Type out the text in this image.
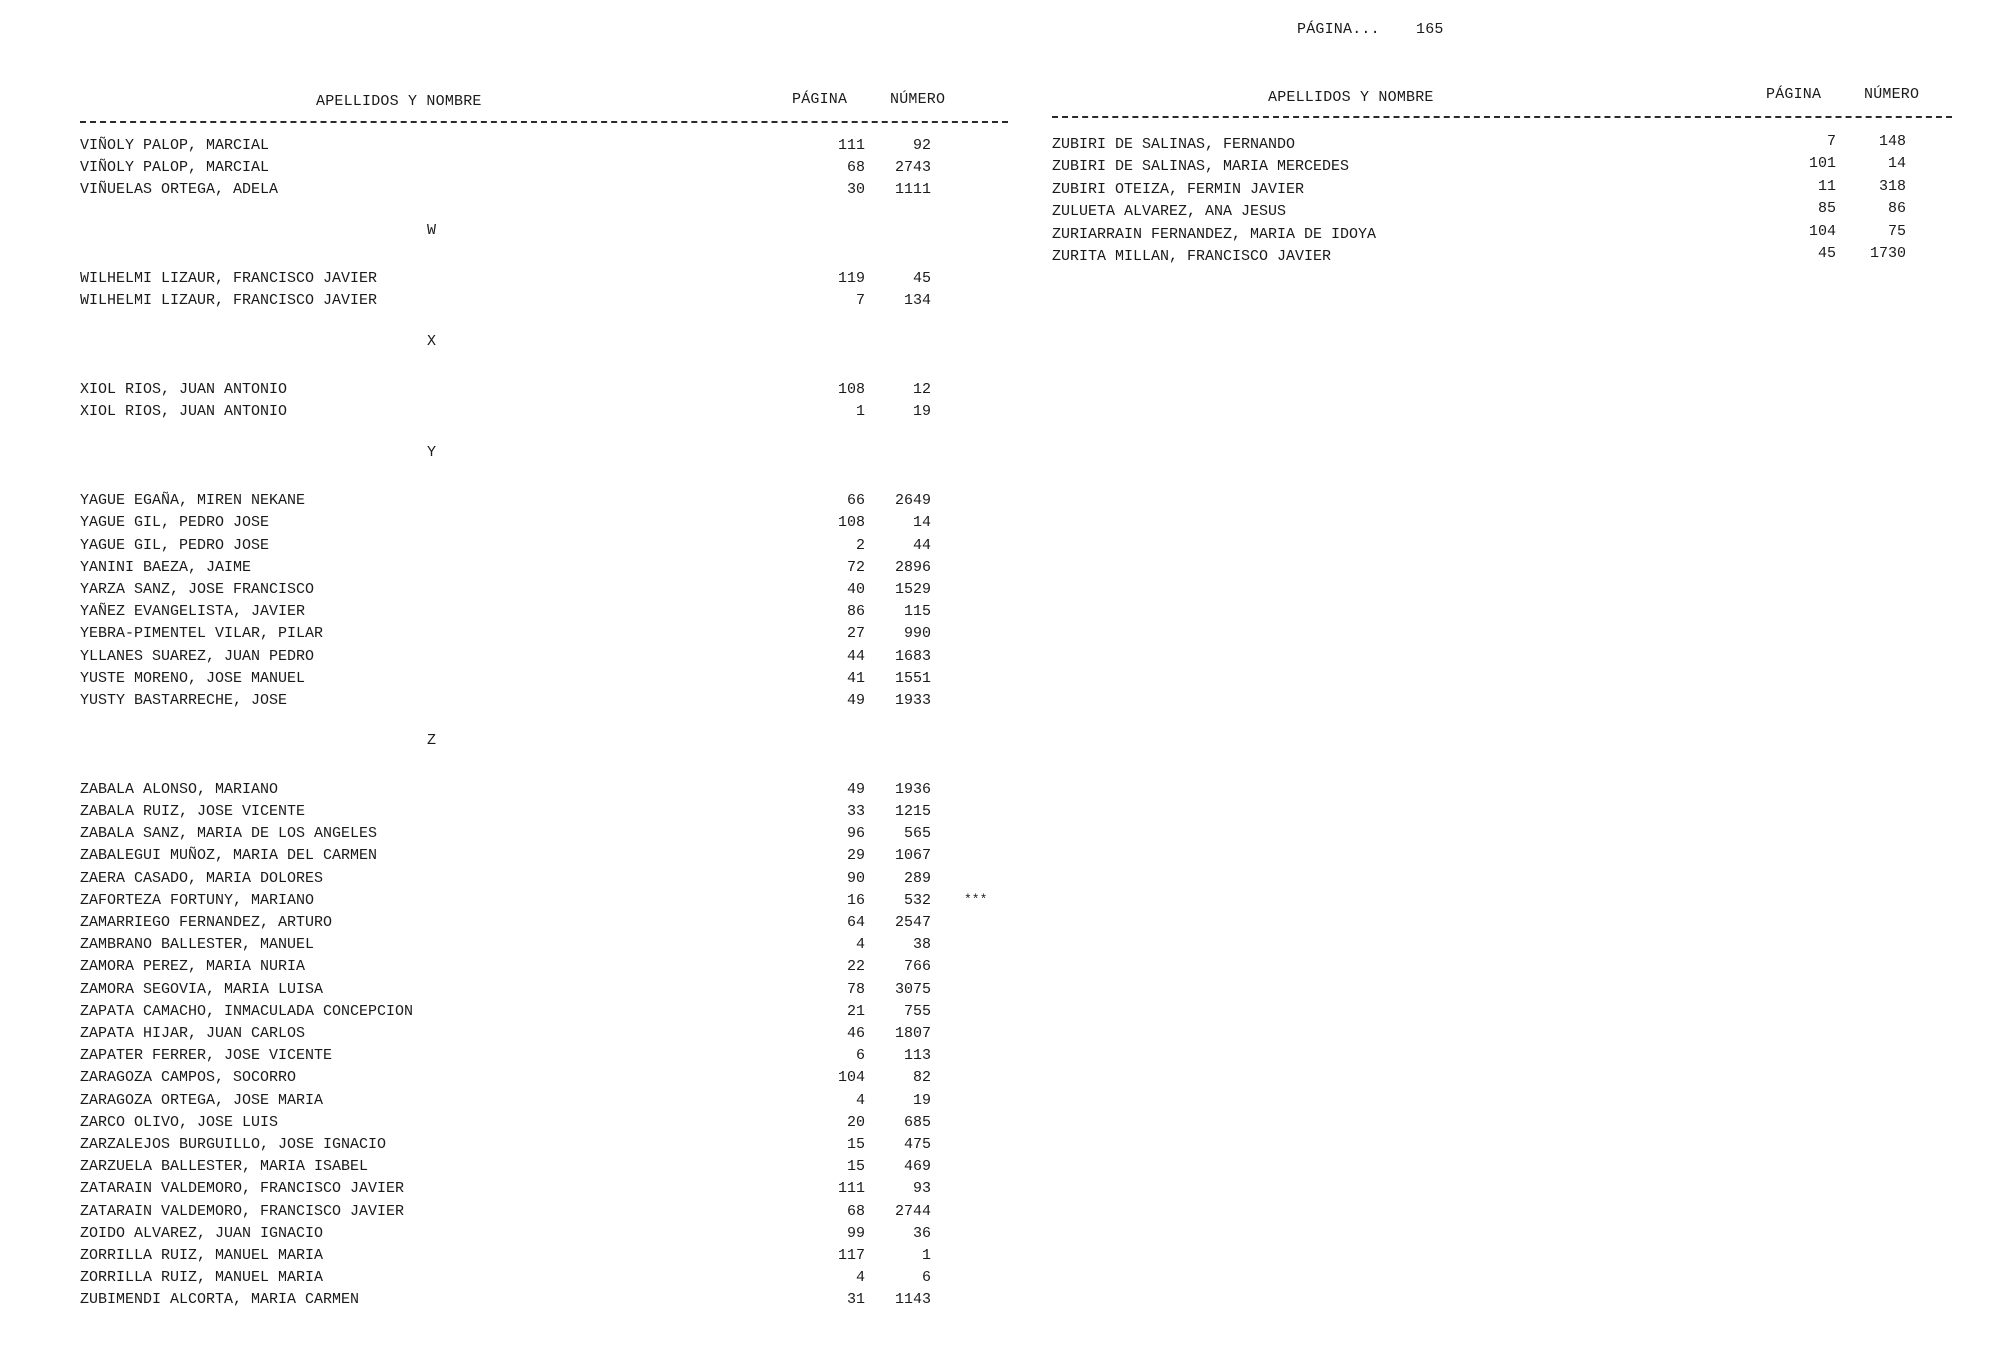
PÁGINA... 165
APELLIDOS Y NOMBRE	PÁGINA	NÚMERO	APELLIDOS Y NOMBRE	PÁGINA	NÚMERO
VIÑOLY PALOP, MARCIAL	111	92
VIÑOLY PALOP, MARCIAL	68	2743
VIÑUELAS ORTEGA, ADELA	30	1111
W
WILHELMI LIZAUR, FRANCISCO JAVIER	119	45
WILHELMI LIZAUR, FRANCISCO JAVIER	7	134
X
XIOL RIOS, JUAN ANTONIO	108	12
XIOL RIOS, JUAN ANTONIO	1	19
Y
YAGUE EGAÑA, MIREN NEKANE	66	2649
YAGUE GIL, PEDRO JOSE	108	14
YAGUE GIL, PEDRO JOSE	2	44
YANINI BAEZA, JAIME	72	2896
YARZA SANZ, JOSE FRANCISCO	40	1529
YAÑEZ EVANGELISTA, JAVIER	86	115
YEBRA-PIMENTEL VILAR, PILAR	27	990
YLLANES SUAREZ, JUAN PEDRO	44	1683
YUSTE MORENO, JOSE MANUEL	41	1551
YUSTY BASTARRECHE, JOSE	49	1933
Z
ZABALA ALONSO, MARIANO	49	1936
ZABALA RUIZ, JOSE VICENTE	33	1215
ZABALA SANZ, MARIA DE LOS ANGELES	96	565
ZABALEGUI MUÑOZ, MARIA DEL CARMEN	29	1067
ZAERA CASADO, MARIA DOLORES	90	289
ZAFORTEZA FORTUNY, MARIANO	16	532	***
ZAMARRIEGO FERNANDEZ, ARTURO	64	2547
ZAMBRANO BALLESTER, MANUEL	4	38
ZAMORA PEREZ, MARIA NURIA	22	766
ZAMORA SEGOVIA, MARIA LUISA	78	3075
ZAPATA CAMACHO, INMACULADA CONCEPCION	21	755
ZAPATA HIJAR, JUAN CARLOS	46	1807
ZAPATER FERRER, JOSE VICENTE	6	113
ZARAGOZA CAMPOS, SOCORRO	104	82
ZARAGOZA ORTEGA, JOSE MARIA	4	19
ZARCO OLIVO, JOSE LUIS	20	685
ZARZALEJOS BURGUILLO, JOSE IGNACIO	15	475
ZARZUELA BALLESTER, MARIA ISABEL	15	469
ZATARAIN VALDEMORO, FRANCISCO JAVIER	111	93
ZATARAIN VALDEMORO, FRANCISCO JAVIER	68	2744
ZOIDO ALVAREZ, JUAN IGNACIO	99	36
ZORRILLA RUIZ, MANUEL MARIA	117	1
ZORRILLA RUIZ, MANUEL MARIA	4	6
ZUBIMENDI ALCORTA, MARIA CARMEN	31	1143
ZUBIRI DE SALINAS, FERNANDO	7	148
ZUBIRI DE SALINAS, MARIA MERCEDES	101	14
ZUBIRI OTEIZA, FERMIN JAVIER	11	318
ZULUETA ALVAREZ, ANA JESUS	85	86
ZURIARRAIN FERNANDEZ, MARIA DE IDOYA	104	75
ZURITA MILLAN, FRANCISCO JAVIER	45	1730
